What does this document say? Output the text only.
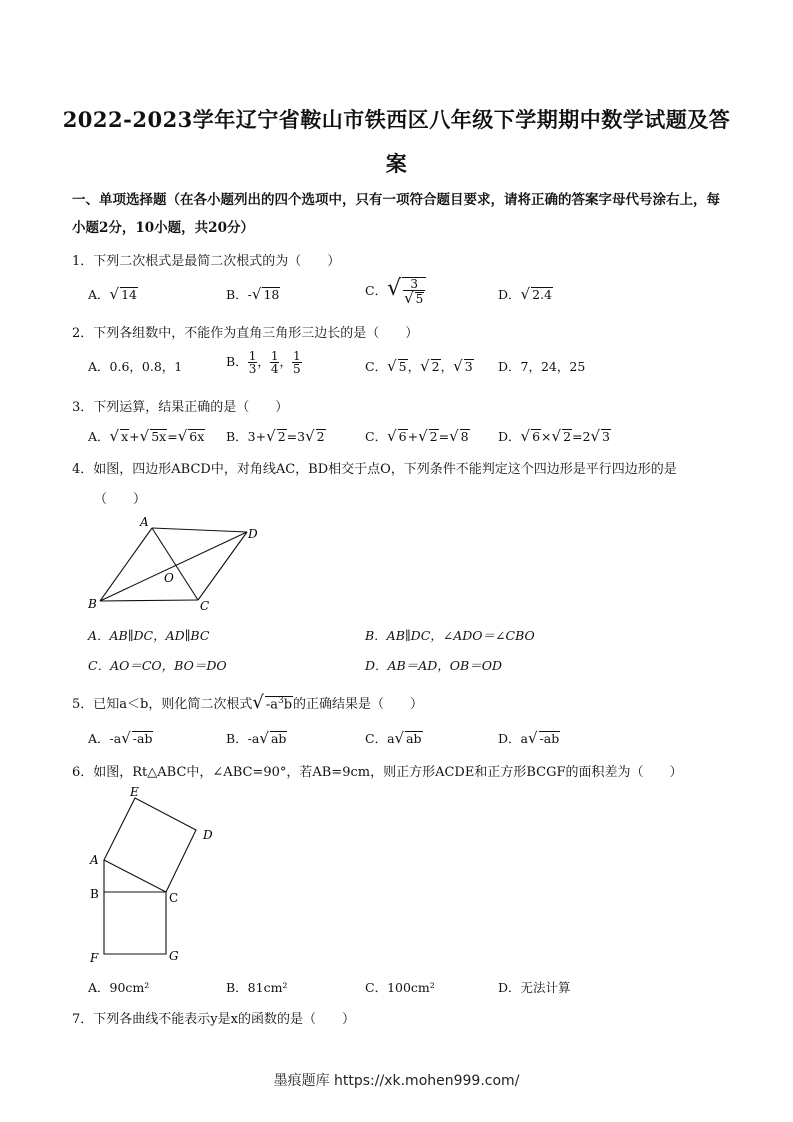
2022-2023学年辽宁省鞍山市铁西区八年级下学期期中数学试题及答
案
一、单项选择题（在各小题列出的四个选项中，只有一项符合题目要求，请将正确的答案字母代号涂右上，每小题2分，10小题，共20分）
1．下列二次根式是最简二次根式的为（　　）
A．√ 14	B．-√ 18	C．√ $\frac{3}{√ 5}$	D．√ 2.4
2．下列各组数中，不能作为直角三角形三边长的是（　　）
A．0.6，0.8，1	B． $\frac{1}{3}$ ， $\frac{1}{4}$ ， $\frac{1}{5}$	C．√ 5，√ 2，√ 3 D．7，24，25
3．下列运算，结果正确的是（　　）
A．√ x+√ 5x=√ 6x B．3+√ 2=3√ 2	C．√ 6+√ 2=√ 8 D．√ 6×√ 2=2√ 3
4．如图，四边形ABCD中，对角线AC，BD相交于点O，下列条件不能判定这个四边形是平行四边形的是
（　　）
A
D
O
B	C
A．AB∥DC，AD∥BC	B．AB∥DC，∠ADO＝∠CBO
C．AO＝CO，BO＝DO	D．AB＝AD，OB＝OD
5．已知a＜b，则化简二次根式√ $-a^3b$的正确结果是（　　）
A．-a√ -ab	B．-a√ ab	C．a√ ab	D．a√ -ab
6．如图，Rt△ABC中，∠ABC=90°，若AB=9cm，则正方形ACDE和正方形BCGF的面积差为（　　）
E
D
A
B	C
F	G
A．90cm²	B．81cm²	C．100cm²	D．无法计算
7．下列各曲线不能表示y是x的函数的是（　　）
墨痕题库 https://xk.mohen999.com/
